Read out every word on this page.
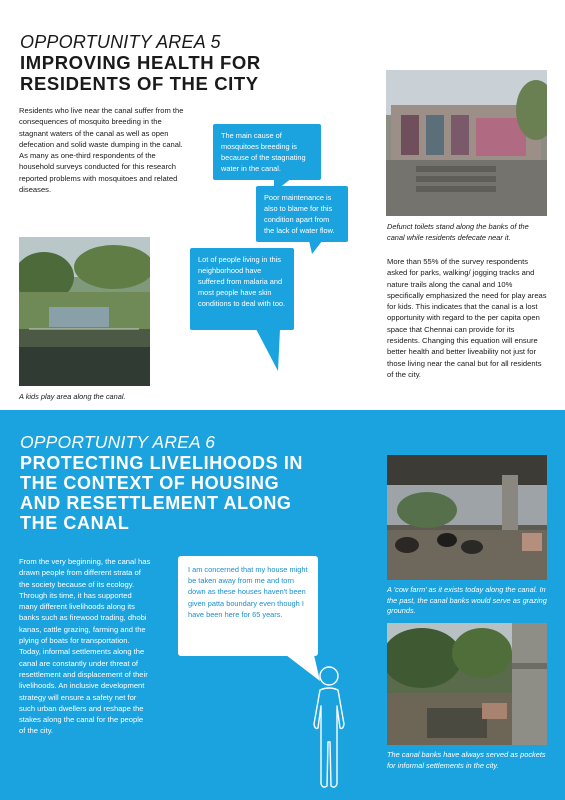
OPPORTUNITY AREA 5
IMPROVING HEALTH FOR
RESIDENTS OF THE CITY
Residents who live near the canal suffer from the consequences of mosquito breeding in the stagnant waters of the canal as well as open defecation and solid waste dumping in the canal. As many as one-third respondents of the household surveys conducted for this research reported problems with mosquitoes and related diseases.
The main cause of mosquitoes breeding is because of the stagnating water in the canal.
Poor maintenance is also to blame for this condition apart from the lack of water flow.
Lot of people living in this neighborhood have suffered from malaria and most people have skin conditions to deal with too.
A kids play area along the canal.
Defunct toilets stand along the banks of the canal while residents defecate near it.
More than 55% of the survey respondents asked for parks, walking/ jogging tracks and nature trails along the canal and 10% specifically emphasized the need for play areas for kids. This indicates that the canal is a lost opportunity with regard to the per capita open space that Chennai can provide for its residents. Changing this equation will ensure better health and better liveability not just for those living near the canal but for all residents of the city.
OPPORTUNITY AREA 6
PROTECTING LIVELIHOODS IN
THE CONTEXT OF HOUSING
AND RESETTLEMENT ALONG
THE CANAL
From the very beginning, the canal has drawn people from different strata of the society because of its ecology. Through its time, it has supported many different livelihoods along its banks such as firewood trading, dhobi kanas, cattle grazing, farming and the plying of boats for transportation. Today, informal settlements along the canal are constantly under threat of resettlement and displacement of their livelihoods. An inclusive development strategy will ensure a safety net for such urban dwellers and reshape the stakes along the canal for the people of the city.
I am concerned that my house might be taken away from me and torn down as these houses haven't been given patta boundary even though I have been here for 65 years.
A 'cow farm' as it exists today along the canal. In the past, the canal banks would serve as grazing grounds.
The canal banks have always served as pockets for informal settlements in the city.
